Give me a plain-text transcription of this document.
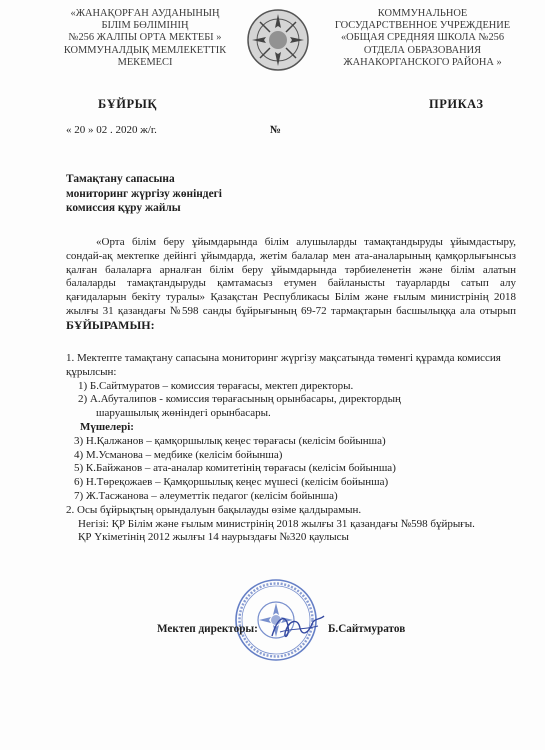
«ЖАНАҚОРҒАН АУДАНЫНЫҢ
БІЛІМ БӨЛІМІНІҢ
№256 ЖАЛПЫ ОРТА МЕКТЕБІ »
КОММУНАЛДЫҚ МЕМЛЕКЕТТІК
МЕКЕМЕСІ
КОММУНАЛЬНОЕ
ГОСУДАРСТВЕННОЕ УЧРЕЖДЕНИЕ
«ОБЩАЯ СРЕДНЯЯ ШКОЛА №256
ОТДЕЛА ОБРАЗОВАНИЯ
ЖАНАКОРГАНСКОГО РАЙОНА »
БҰЙРЫҚ	ПРИКАЗ
« 20 » 02 . 2020 ж/г.	№
Тамақтану сапасына
мониторинг жүргізу жөніндегі
комиссия құру жайлы
«Орта білім беру ұйымдарында білім алушыларды тамақтандыруды ұйымдастыру, сондай-ақ мектепке дейінгі ұйымдарда, жетім балалар мен ата-аналарының қамқорлығынсыз қалған балаларға арналған білім беру ұйымдарында тәрбиеленетін және білім алатын балаларды тамақтандыруды қамтамасыз етумен байланысты тауарларды сатып алу қағидаларын бекіту туралы» Қазақстан Республикасы Білім және ғылым министрінің 2018 жылғы 31 қазандағы №598 санды бұйрығының 69-72 тармақтарын басшылыққа ала отырып БҰЙЫРАМЫН:
1. Мектепте тамақтану сапасына мониторинг жүргізу мақсатында төменгі құрамда комиссия құрылсын:
1) Б.Сайтмуратов – комиссия төрағасы, мектеп директоры.
2) А.Абуталипов - комиссия төрағасының орынбасары, директордың
шаруашылық жөніндегі орынбасары.
Мүшелері:
3) Н.Қалжанов – қамқоршылық кеңес төрағасы (келісім бойынша)
4) М.Усманова – медбике (келісім бойынша)
5) К.Байжанов – ата-аналар комитетінің төрағасы (келісім бойынша)
6) Н.Төреқожаев – Қамқоршылық кеңес мүшесі (келісім бойынша)
7) Ж.Тасжанова – әлеуметтік педагог (келісім бойынша)
2. Осы бұйрықтың орындалуын бақылауды өзіме қалдырамын.
Негізі: ҚР Білім және ғылым министрінің 2018 жылғы 31 қазандағы №598 бұйрығы.
ҚР Үкіметінің 2012 жылғы 14 наурыздағы №320 қаулысы
Мектеп директоры:	Б.Сайтмуратов
